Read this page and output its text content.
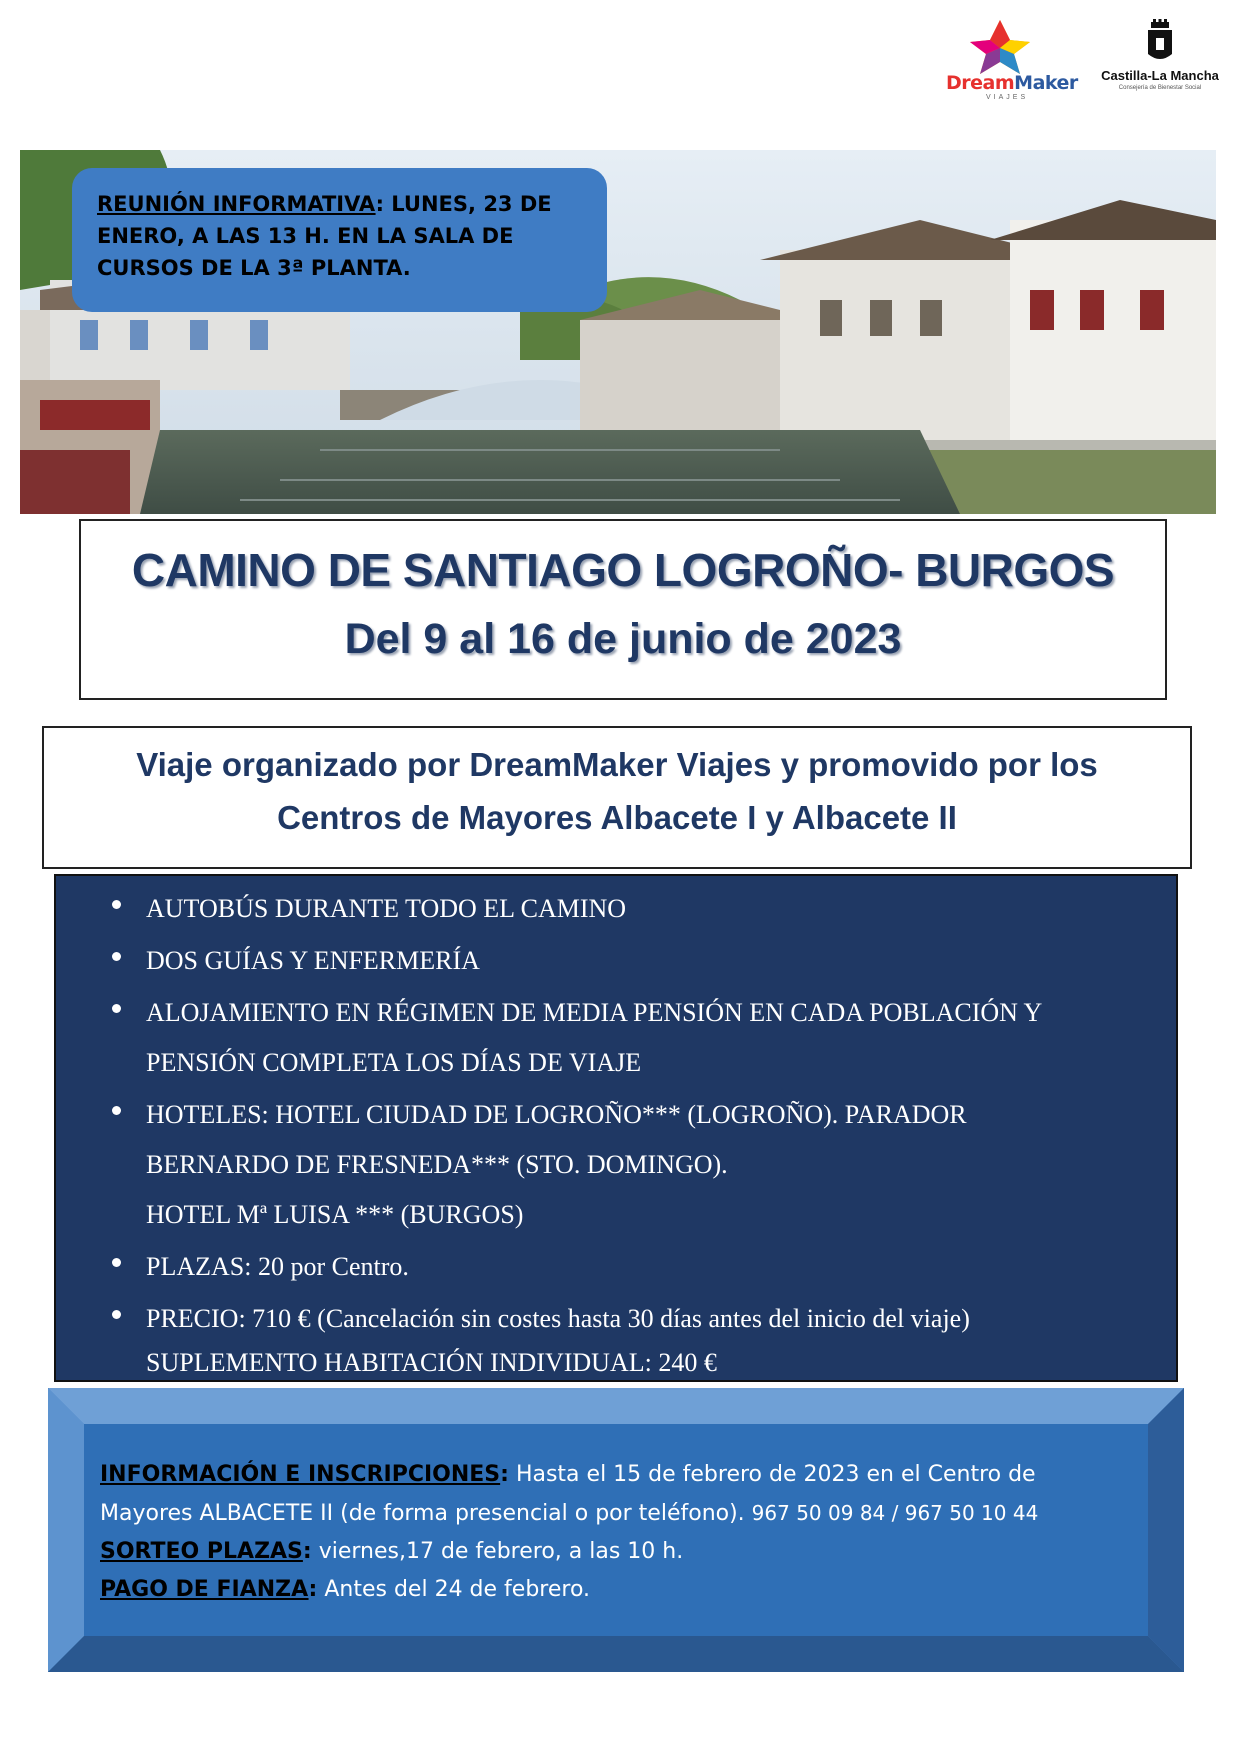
DreamMaker
VIAJES
Castilla-La Mancha
Consejería de Bienestar Social
REUNIÓN INFORMATIVA: LUNES, 23 DE ENERO, A LAS 13 H. EN LA SALA DE CURSOS DE LA 3ª PLANTA.
CAMINO DE SANTIAGO LOGROÑO- BURGOS
Del 9 al 16 de junio de 2023
Viaje organizado por DreamMaker Viajes y promovido por los
Centros de Mayores Albacete I y Albacete II
AUTOBÚS DURANTE TODO EL CAMINO
DOS GUÍAS Y ENFERMERÍA
ALOJAMIENTO EN RÉGIMEN DE MEDIA PENSIÓN EN CADA POBLACIÓN Y
PENSIÓN COMPLETA LOS DÍAS DE VIAJE
HOTELES: HOTEL CIUDAD DE LOGROÑO*** (LOGROÑO). PARADOR
BERNARDO DE FRESNEDA*** (STO. DOMINGO).
HOTEL Mª LUISA *** (BURGOS)
PLAZAS: 20 por Centro.
PRECIO: 710 € (Cancelación sin costes hasta 30 días antes del inicio del viaje)
SUPLEMENTO HABITACIÓN INDIVIDUAL: 240 €
INFORMACIÓN E INSCRIPCIONES: Hasta el 15 de febrero de 2023 en el Centro de
Mayores ALBACETE II (de forma presencial o por teléfono). 967 50 09 84 / 967 50 10 44
SORTEO PLAZAS: viernes,17 de febrero, a las 10 h.
PAGO DE FIANZA: Antes del 24 de febrero.
